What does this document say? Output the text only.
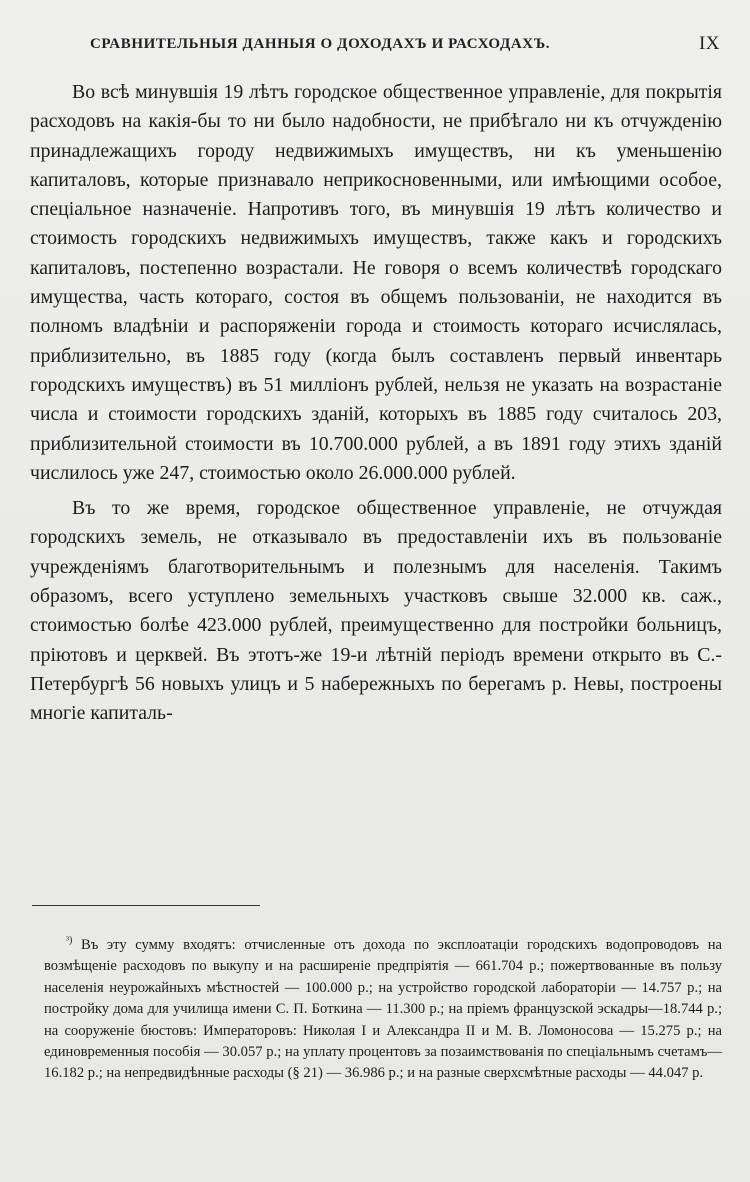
СРАВНИТЕЛЬНЫЯ ДАННЫЯ О ДОХОДАХЪ И РАСХОДАХЪ.	IX

Во всѣ минувшія 19 лѣтъ городское общественное управленіе, для покрытія расходовъ на какія-бы то ни было надобности, не прибѣгало ни къ отчужденію принадлежащихъ городу недвижимыхъ имуществъ, ни къ уменьшенію капиталовъ, которые признавало неприкосновенными, или имѣющими особое, спеціальное назначеніе. Напротивъ того, въ минувшія 19 лѣтъ количество и стоимость городскихъ недвижимыхъ имуществъ, также какъ и городскихъ капиталовъ, постепенно возрастали. Не говоря о всемъ количествѣ городскаго имущества, часть котораго, состоя въ общемъ пользованіи, не находится въ полномъ владѣніи и распоряженіи города и стоимость котораго исчислялась, приблизительно, въ 1885 году (когда былъ составленъ первый инвентарь городскихъ имуществъ) въ 51 милліонъ рублей, нельзя не указать на возрастаніе числа и стоимости городскихъ зданій, которыхъ въ 1885 году считалось 203, приблизительной стоимости въ 10.700.000 рублей, а въ 1891 году этихъ зданій числилось уже 247, стоимостью около 26.000.000 рублей.

Въ то же время, городское общественное управленіе, не отчуждая городскихъ земель, не отказывало въ предоставленіи ихъ въ пользованіе учрежденіямъ благотворительнымъ и полезнымъ для населенія. Такимъ образомъ, всего уступлено земельныхъ участковъ свыше 32.000 кв. саж., стоимостью болѣе 423.000 рублей, преимущественно для постройки больницъ, пріютовъ и церквей. Въ этотъ-же 19-и лѣтній періодъ времени открыто въ С.-Петербургѣ 56 новыхъ улицъ и 5 набережныхъ по берегамъ р. Невы, построены многіе капиталь-

$^{^3)}$ Въ эту сумму входятъ: отчисленные отъ дохода по эксплоатаціи городскихъ водопроводовъ на возмѣщеніе расходовъ по выкупу и на расширеніе предпріятія — 661.704 р.; пожертвованные въ пользу населенія неурожайныхъ мѣстностей — 100.000 р.; на устройство городской лабораторіи — 14.757 р.; на постройку дома для училища имени С. П. Боткина — 11.300 р.; на пріемъ французской эскадры—18.744 р.; на сооруженіе бюстовъ: Императоровъ: Николая I и Александра II и М. В. Ломоносова — 15.275 р.; на единовременныя пособія — 30.057 р.; на уплату процентовъ за позаимствованія по спеціальнымъ счетамъ—16.182 р.; на непредвидѣнные расходы (§ 21) — 36.986 р.; и на разные сверхсмѣтные расходы — 44.047 р.
